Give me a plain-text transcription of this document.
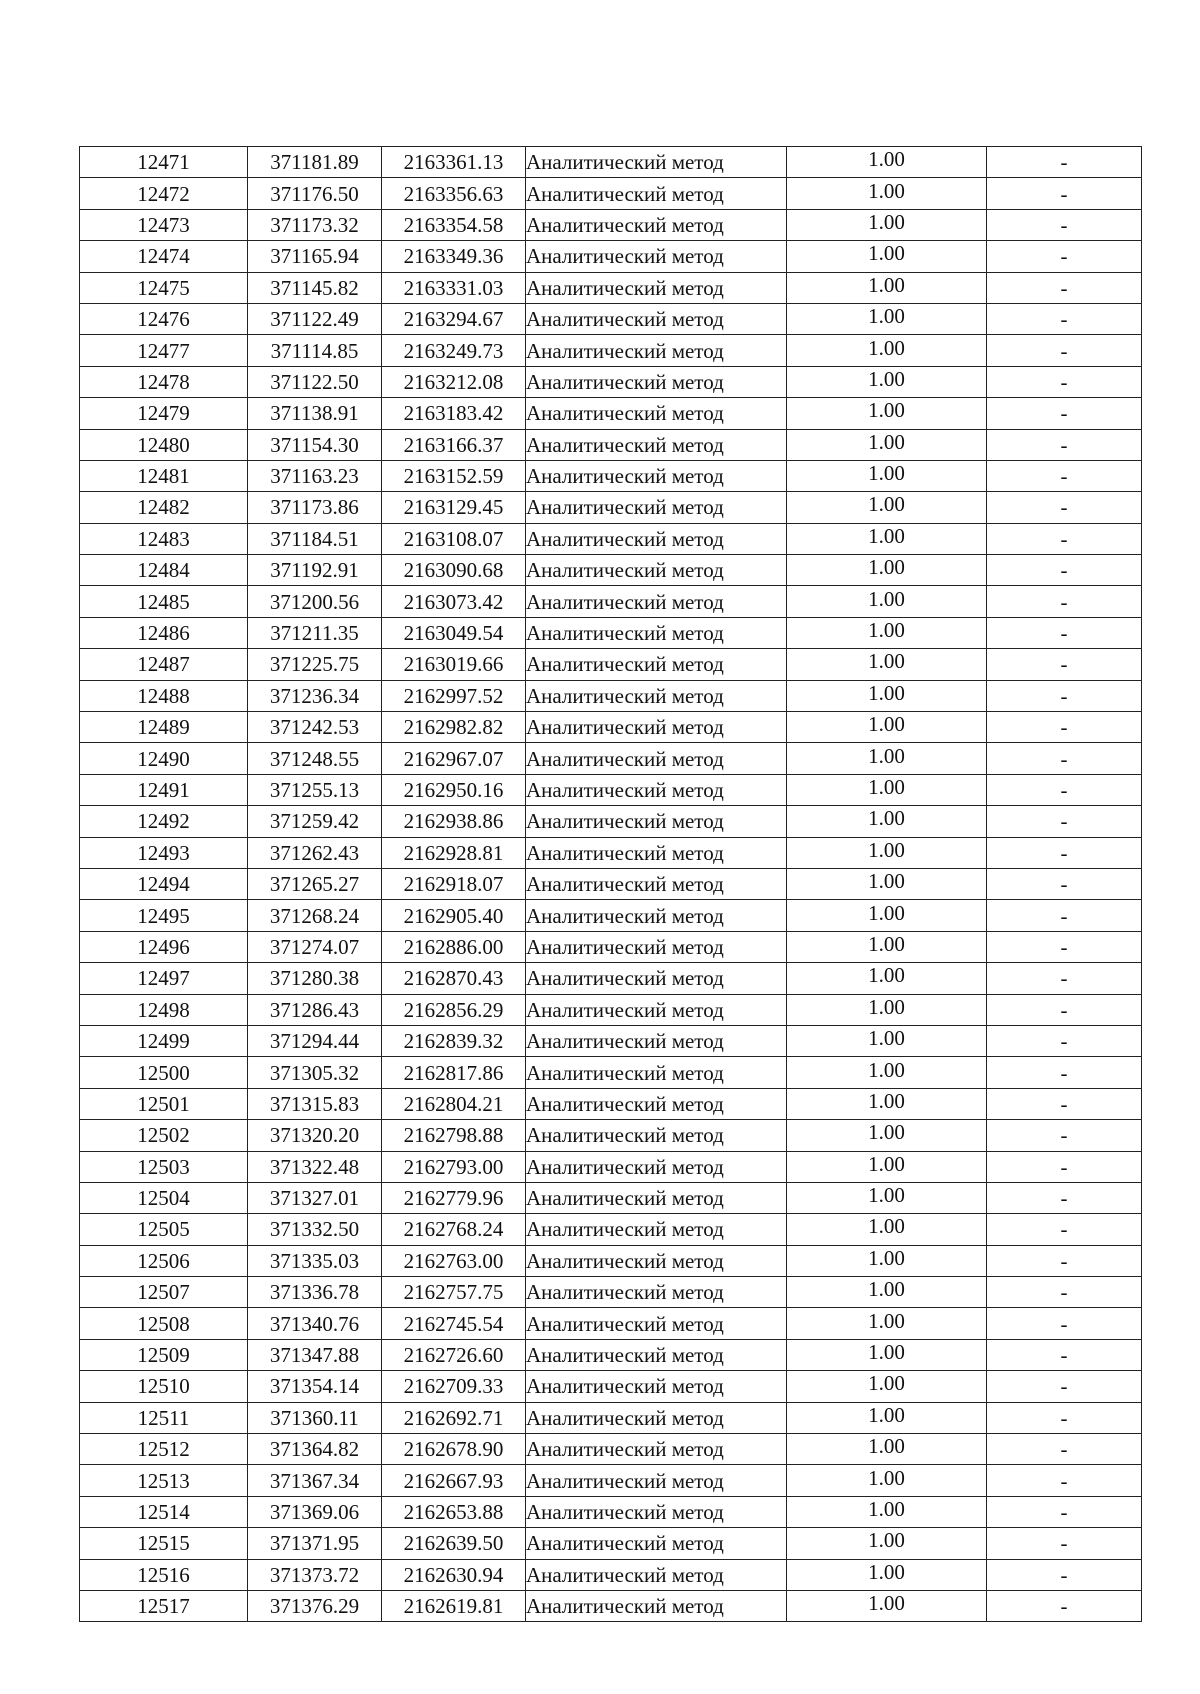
12471	371181.89	2163361.13	Аналитический метод	1.00	-
12472	371176.50	2163356.63	Аналитический метод	1.00	-
12473	371173.32	2163354.58	Аналитический метод	1.00	-
12474	371165.94	2163349.36	Аналитический метод	1.00	-
12475	371145.82	2163331.03	Аналитический метод	1.00	-
12476	371122.49	2163294.67	Аналитический метод	1.00	-
12477	371114.85	2163249.73	Аналитический метод	1.00	-
12478	371122.50	2163212.08	Аналитический метод	1.00	-
12479	371138.91	2163183.42	Аналитический метод	1.00	-
12480	371154.30	2163166.37	Аналитический метод	1.00	-
12481	371163.23	2163152.59	Аналитический метод	1.00	-
12482	371173.86	2163129.45	Аналитический метод	1.00	-
12483	371184.51	2163108.07	Аналитический метод	1.00	-
12484	371192.91	2163090.68	Аналитический метод	1.00	-
12485	371200.56	2163073.42	Аналитический метод	1.00	-
12486	371211.35	2163049.54	Аналитический метод	1.00	-
12487	371225.75	2163019.66	Аналитический метод	1.00	-
12488	371236.34	2162997.52	Аналитический метод	1.00	-
12489	371242.53	2162982.82	Аналитический метод	1.00	-
12490	371248.55	2162967.07	Аналитический метод	1.00	-
12491	371255.13	2162950.16	Аналитический метод	1.00	-
12492	371259.42	2162938.86	Аналитический метод	1.00	-
12493	371262.43	2162928.81	Аналитический метод	1.00	-
12494	371265.27	2162918.07	Аналитический метод	1.00	-
12495	371268.24	2162905.40	Аналитический метод	1.00	-
12496	371274.07	2162886.00	Аналитический метод	1.00	-
12497	371280.38	2162870.43	Аналитический метод	1.00	-
12498	371286.43	2162856.29	Аналитический метод	1.00	-
12499	371294.44	2162839.32	Аналитический метод	1.00	-
12500	371305.32	2162817.86	Аналитический метод	1.00	-
12501	371315.83	2162804.21	Аналитический метод	1.00	-
12502	371320.20	2162798.88	Аналитический метод	1.00	-
12503	371322.48	2162793.00	Аналитический метод	1.00	-
12504	371327.01	2162779.96	Аналитический метод	1.00	-
12505	371332.50	2162768.24	Аналитический метод	1.00	-
12506	371335.03	2162763.00	Аналитический метод	1.00	-
12507	371336.78	2162757.75	Аналитический метод	1.00	-
12508	371340.76	2162745.54	Аналитический метод	1.00	-
12509	371347.88	2162726.60	Аналитический метод	1.00	-
12510	371354.14	2162709.33	Аналитический метод	1.00	-
12511	371360.11	2162692.71	Аналитический метод	1.00	-
12512	371364.82	2162678.90	Аналитический метод	1.00	-
12513	371367.34	2162667.93	Аналитический метод	1.00	-
12514	371369.06	2162653.88	Аналитический метод	1.00	-
12515	371371.95	2162639.50	Аналитический метод	1.00	-
12516	371373.72	2162630.94	Аналитический метод	1.00	-
12517	371376.29	2162619.81	Аналитический метод	1.00	-
